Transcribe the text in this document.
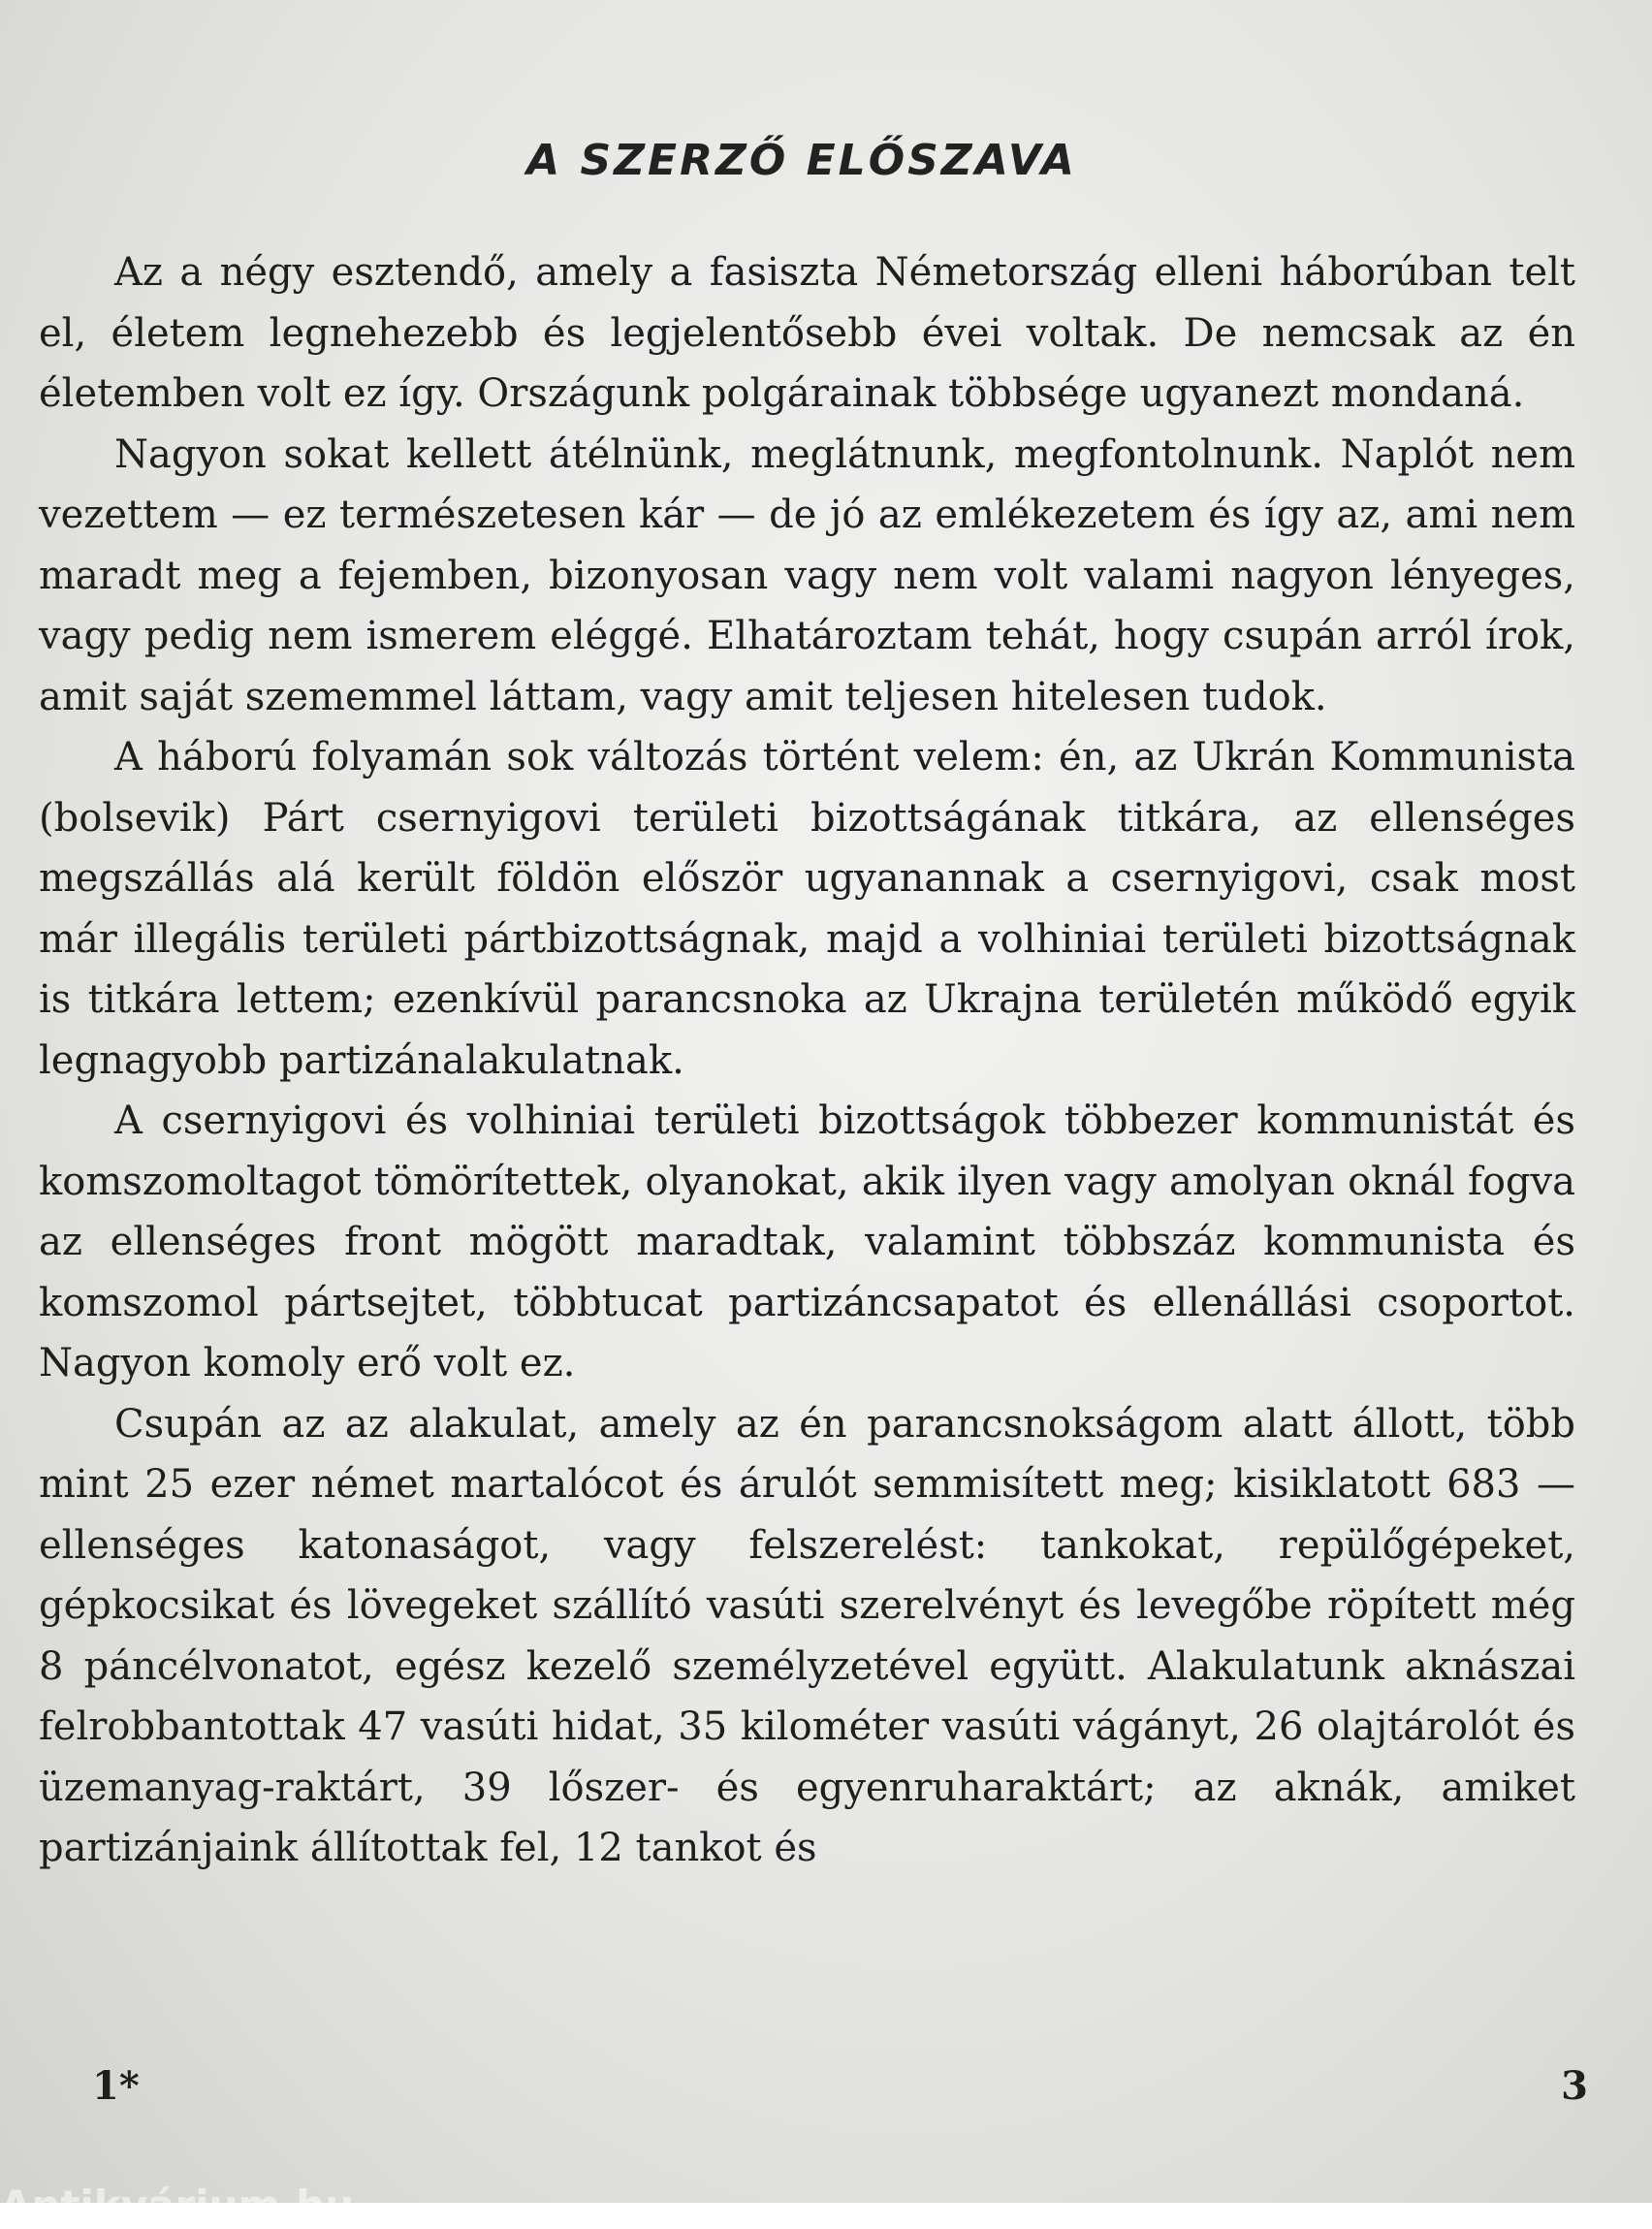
A SZERZŐ ELŐSZAVA

Az a négy esztendő, amely a fasiszta Németország elleni háborúban telt el, életem legnehezebb és legjelentősebb évei voltak. De nemcsak az én életemben volt ez így. Országunk polgárainak többsége ugyanezt mondaná.

Nagyon sokat kellett átélnünk, meglátnunk, megfontolnunk. Naplót nem vezettem — ez természetesen kár — de jó az emlékezetem és így az, ami nem maradt meg a fejemben, bizonyosan vagy nem volt valami nagyon lényeges, vagy pedig nem ismerem eléggé. Elhatároztam tehát, hogy csupán arról írok, amit saját szememmel láttam, vagy amit teljesen hitelesen tudok.

A háború folyamán sok változás történt velem: én, az Ukrán Kommunista (bolsevik) Párt csernyigovi területi bizottságának titkára, az ellenséges megszállás alá került földön először ugyanannak a csernyigovi, csak most már illegális területi pártbizottságnak, majd a volhiniai területi bizottságnak is titkára lettem; ezenkívül parancsnoka az Ukrajna területén működő egyik legnagyobb partizánalakulatnak.

A csernyigovi és volhiniai területi bizottságok többezer kommunistát és komszomoltagot tömörítettek, olyanokat, akik ilyen vagy amolyan oknál fogva az ellenséges front mögött maradtak, valamint többszáz kommunista és komszomol pártsejtet, többtucat partizáncsapatot és ellenállási csoportot. Nagyon komoly erő volt ez.

Csupán az az alakulat, amely az én parancsnokságom alatt állott, több mint 25 ezer német martalócot és árulót semmisített meg; kisiklatott 683 — ellenséges katonaságot, vagy felszerelést: tankokat, repülőgépeket, gépkocsikat és lövegeket szállító vasúti szerelvényt és levegőbe röpített még 8 páncélvonatot, egész kezelő személyzetével együtt. Alakulatunk aknászai felrobbantottak 47 vasúti hidat, 35 kilométer vasúti vágányt, 26 olajtárolót és üzemanyag-raktárt, 39 lőszer- és egyenruharaktárt; az aknák, amiket partizánjaink állítottak fel, 12 tankot és

1*	3
Antikvárium.hu
